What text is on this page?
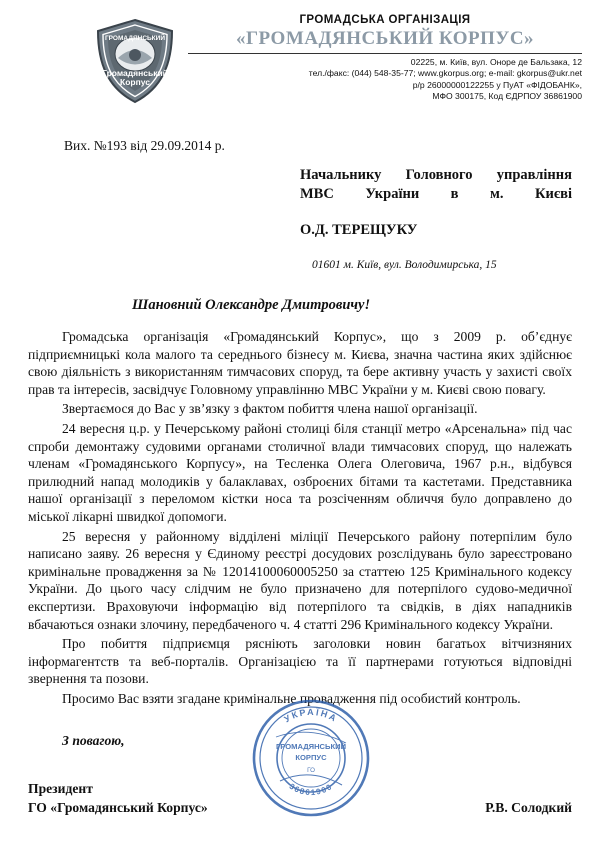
ГРОМАДЯНСЬКИЙ
Громадянський
Корпус
ГРОМАДСЬКА ОРГАНІЗАЦІЯ
«ГРОМАДЯНСЬКИЙ КОРПУС»
02225, м. Київ, вул. Оноре де Бальзака, 12
тел./факс: (044) 548-35-77; www.gkorpus.org; e-mail: gkorpus@ukr.net
р/р 26000000122255 у ПуАТ «ФІДОБАНК»,
МФО 300175, Код ЄДРПОУ 36861900
Вих. №193 від 29.09.2014 р.
Начальнику Головного управління
МВС України в м. Києві
О.Д. ТЕРЕЩУКУ
01601 м. Київ, вул. Володимирська, 15
Шановний Олександре Дмитровичу!

Громадська організація «Громадянський Корпус», що з 2009 р. об’єднує підприємницькі кола малого та середнього бізнесу м. Києва, значна частина яких здійснює свою діяльність з використанням тимчасових споруд, та бере активну участь у захисті своїх прав та інтересів, засвідчує Головному управлінню МВС України у м. Києві свою повагу.

Звертаємося до Вас у зв’язку з фактом побиття члена нашої організації.

24 вересня ц.р. у Печерському районі столиці біля станції метро «Арсенальна» під час спроби демонтажу судовими органами столичної влади тимчасових споруд, що належать членам «Громадянського Корпусу», на Тесленка Олега Олеговича, 1967 р.н., відбувся прилюдний напад молодиків у балаклавах, озброєних бітами та кастетами. Представника нашої організації з переломом кістки носа та розсіченням обличчя було доправлено до міської лікарні швидкої допомоги.

25 вересня у районному відділені міліції Печерського району потерпілим було написано заяву. 26 вересня у Єдиному реєстрі досудових розслідувань було зареєстровано кримінальне провадження за № 12014100060005250 за статтею 125 Кримінального кодексу України. До цього часу слідчим не було призначено для потерпілого судово-медичної експертизи. Враховуючи інформацію від потерпілого та свідків, в діях нападників вбачаються ознаки злочину, передбаченого ч. 4 статті 296 Кримінального кодексу України.

Про побиття підприємця рясніють заголовки новин багатьох вітчизняних інформагентств та веб-порталів. Організацією та її партнерами готуються відповідні звернення та позови.

Просимо Вас взяти згадане кримінальне провадження під особистий контроль.

З повагою,
УКРАЇНА
36861900
ГРОМАДЯНСЬКИЙ
КОРПУС
ГО
Президент
ГО «Громадянський Корпус»	Р.В. Солодкий
